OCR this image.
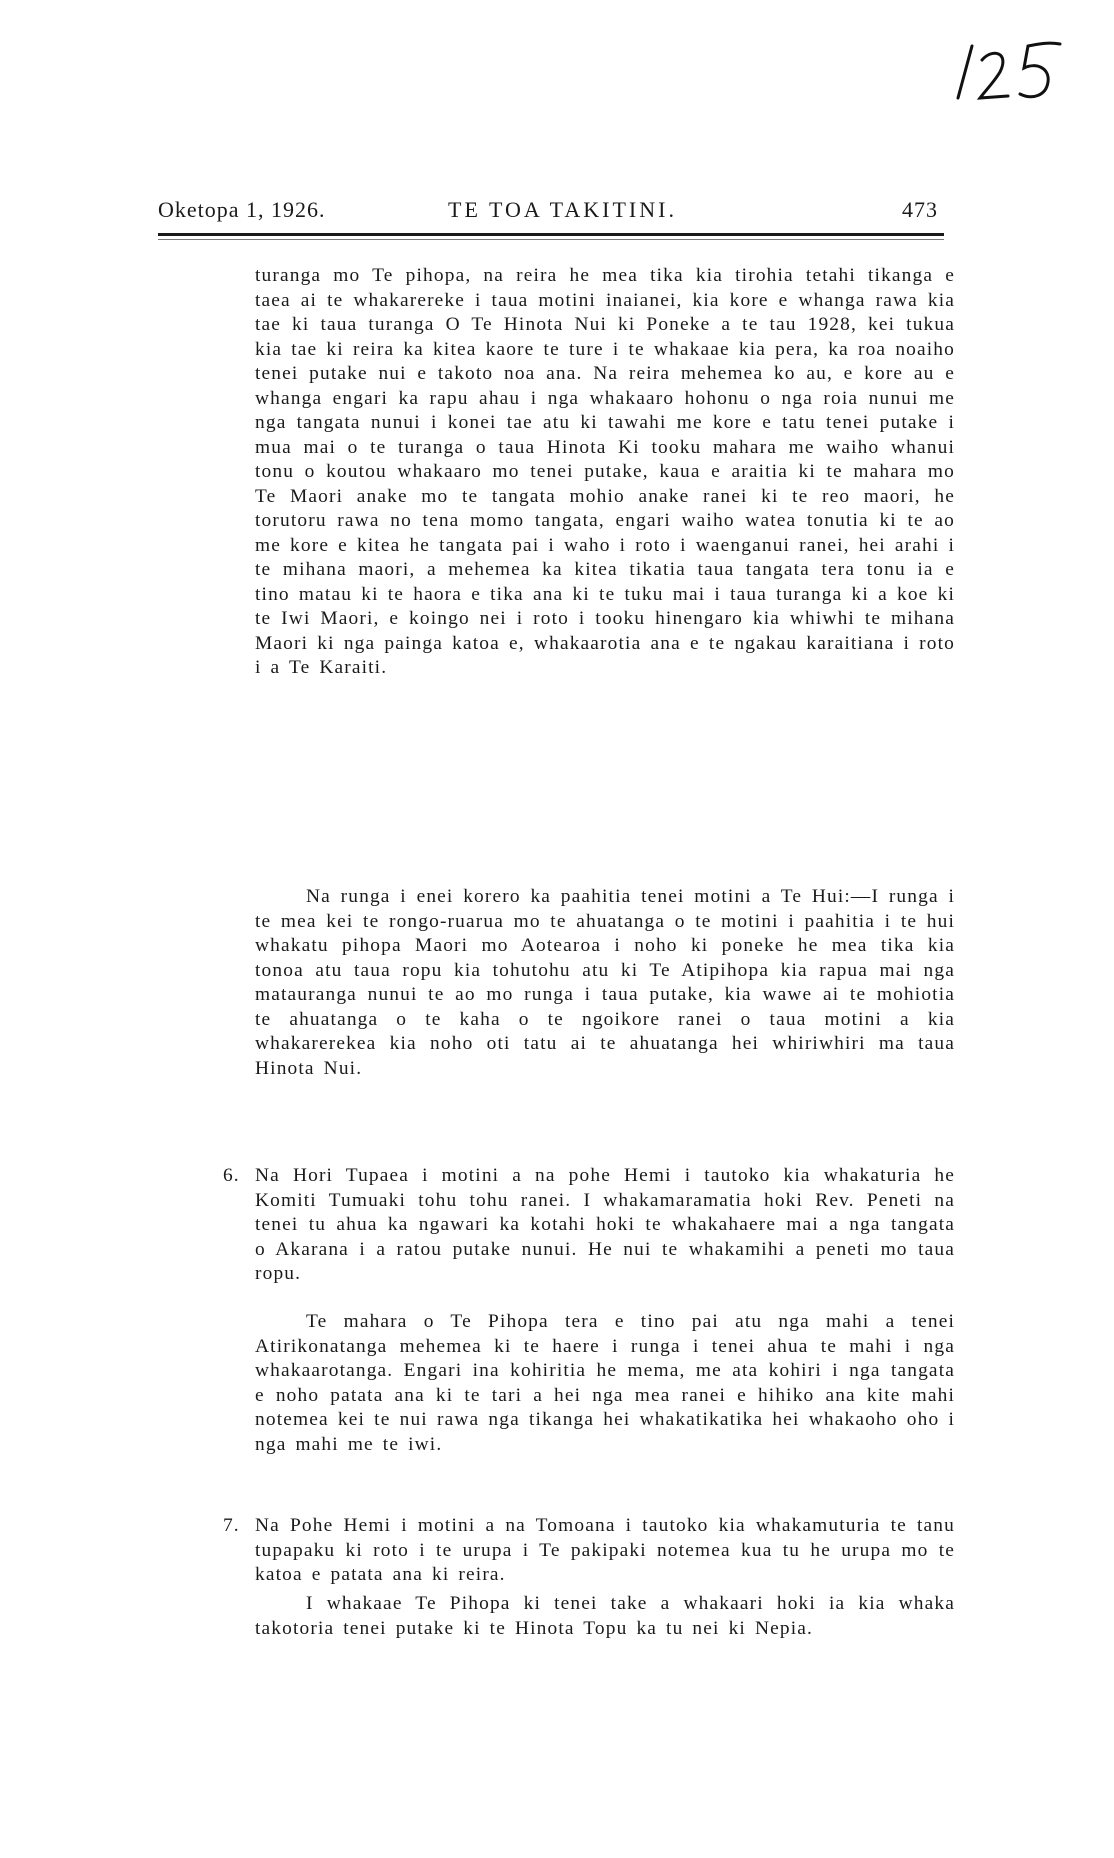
Oketopa 1, 1926.	TE TOA TAKITINI.	473
turanga mo Te pihopa, na reira he mea tika kia tirohia tetahi tikanga e taea ai te whakarereke i taua motini inaianei, kia kore e whanga rawa kia tae ki taua turanga O Te Hinota Nui ki Poneke a te tau 1928, kei tukua kia tae ki reira ka kitea kaore te ture i te whakaae kia pera, ka roa noaiho tenei putake nui e takoto noa ana. Na reira mehemea ko au, e kore au e whanga engari ka rapu ahau i nga whakaaro hohonu o nga roia nunui me nga tangata nunui i konei tae atu ki tawahi me kore e tatu tenei putake i mua mai o te turanga o taua Hinota Ki tooku mahara me waiho whanui tonu o koutou whakaaro mo tenei putake, kaua e araitia ki te mahara mo Te Maori anake mo te tangata mohio anake ranei ki te reo maori, he torutoru rawa no tena momo tangata, engari waiho watea tonutia ki te ao me kore e kitea he tangata pai i waho i roto i waenganui ranei, hei arahi i te mihana maori, a mehemea ka kitea tikatia taua tangata tera tonu ia e tino matau ki te haora e tika ana ki te tuku mai i taua turanga ki a koe ki te Iwi Maori, e koingo nei i roto i tooku hinengaro kia whiwhi te mihana Maori ki nga painga katoa e, whakaarotia ana e te ngakau karaitiana i roto i a Te Karaiti.
Na runga i enei korero ka paahitia tenei motini a Te Hui:—I runga i te mea kei te rongo-ruarua mo te ahuatanga o te motini i paahitia i te hui whakatu pihopa Maori mo Aotearoa i noho ki poneke he mea tika kia tonoa atu taua ropu kia tohutohu atu ki Te Atipihopa kia rapua mai nga matauranga nunui te ao mo runga i taua putake, kia wawe ai te mohiotia te ahuatanga o te kaha o te ngoikore ranei o taua motini a kia whakarerekea kia noho oti tatu ai te ahuatanga hei whiriwhiri ma taua Hinota Nui.
6. Na Hori Tupaea i motini a na pohe Hemi i tautoko kia whakaturia he Komiti Tumuaki tohu tohu ranei. I whakamaramatia hoki Rev. Peneti na tenei tu ahua ka ngawari ka kotahi hoki te whakahaere mai a nga tangata o Akarana i a ratou putake nunui. He nui te whakamihi a peneti mo taua ropu.
Te mahara o Te Pihopa tera e tino pai atu nga mahi a tenei Atirikonatanga mehemea ki te haere i runga i tenei ahua te mahi i nga whakaarotanga. Engari ina kohiritia he mema, me ata kohiri i nga tangata e noho patata ana ki te tari a hei nga mea ranei e hihiko ana kite mahi notemea kei te nui rawa nga tikanga hei whakatikatika hei whakaoho oho i nga mahi me te iwi.
7. Na Pohe Hemi i motini a na Tomoana i tautoko kia whakamuturia te tanu tupapaku ki roto i te urupa i Te pakipaki notemea kua tu he urupa mo te katoa e patata ana ki reira.
I whakaae Te Pihopa ki tenei take a whakaari hoki ia kia whaka takotoria tenei putake ki te Hinota Topu ka tu nei ki Nepia.
